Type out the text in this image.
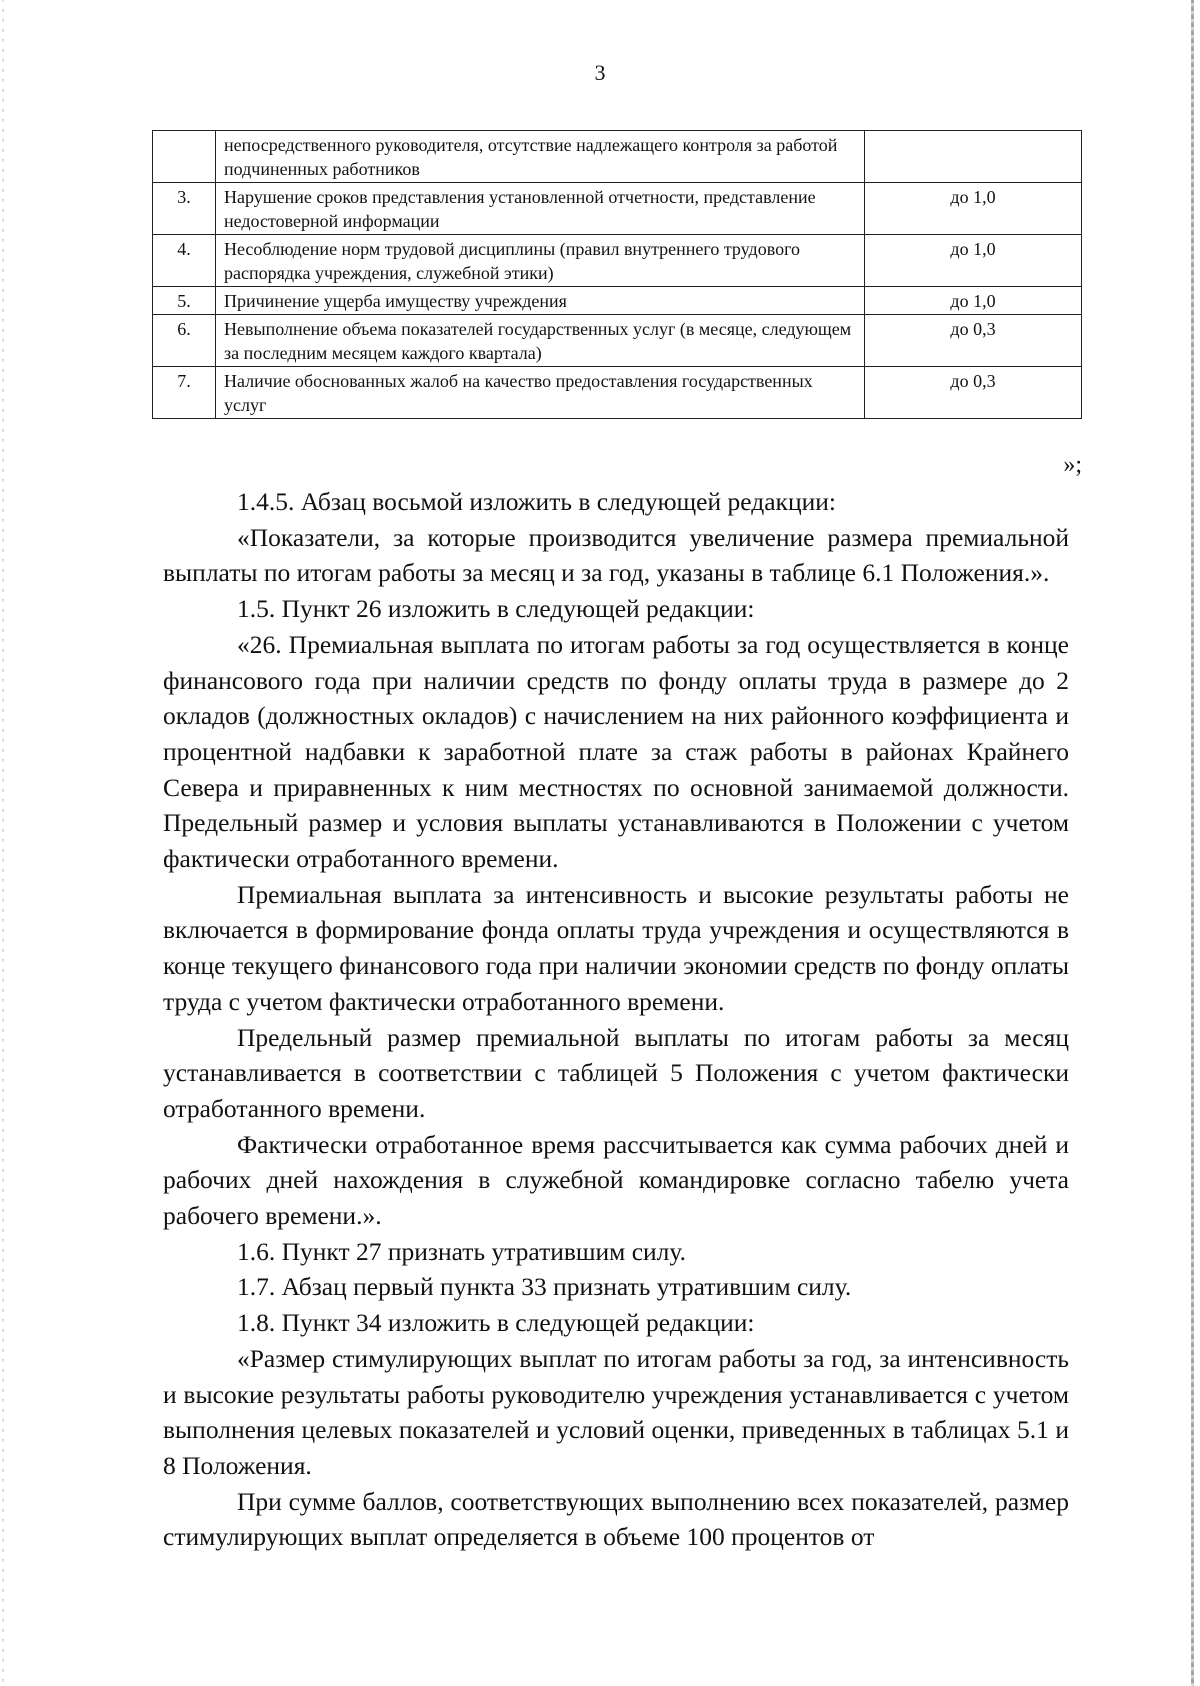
3
	непосредственного руководителя, отсутствие надлежащего контроля за работой подчиненных работников	
3.	Нарушение сроков представления установленной отчетности, представление недостоверной информации	до 1,0
4.	Несоблюдение норм трудовой дисциплины (правил внутреннего трудового распорядка учреждения, служебной этики)	до 1,0
5.	Причинение ущерба имуществу учреждения	до 1,0
6.	Невыполнение объема показателей государственных услуг (в месяце, следующем за последним месяцем каждого квартала)	до 0,3
7.	Наличие обоснованных жалоб на качество предоставления государственных услуг	до 0,3
»;

1.4.5. Абзац восьмой изложить в следующей редакции:

«Показатели, за которые производится увеличение размера премиальной выплаты по итогам работы за месяц и за год, указаны в таблице 6.1 Положения.».

1.5. Пункт 26 изложить в следующей редакции:

«26. Премиальная выплата по итогам работы за год осуществляется в конце финансового года при наличии средств по фонду оплаты труда в размере до 2 окладов (должностных окладов) с начислением на них районного коэффициента и процентной надбавки к заработной плате за стаж работы в районах Крайнего Севера и приравненных к ним местностях по основной занимаемой должности. Предельный размер и условия выплаты устанавливаются в Положении с учетом фактически отработанного времени.

Премиальная выплата за интенсивность и высокие результаты работы не включается в формирование фонда оплаты труда учреждения и осуществляются в конце текущего финансового года при наличии экономии средств по фонду оплаты труда с учетом фактически отработанного времени.

Предельный размер премиальной выплаты по итогам работы за месяц устанавливается в соответствии с таблицей 5 Положения с учетом фактически отработанного времени.

Фактически отработанное время рассчитывается как сумма рабочих дней и рабочих дней нахождения в служебной командировке согласно табелю учета рабочего времени.».

1.6. Пункт 27 признать утратившим силу.

1.7. Абзац первый пункта 33 признать утратившим силу.

1.8. Пункт 34 изложить в следующей редакции:

«Размер стимулирующих выплат по итогам работы за год, за интенсивность и высокие результаты работы руководителю учреждения устанавливается с учетом выполнения целевых показателей и условий оценки, приведенных в таблицах 5.1 и 8 Положения.

При сумме баллов, соответствующих выполнению всех показателей, размер стимулирующих выплат определяется в объеме 100 процентов от
